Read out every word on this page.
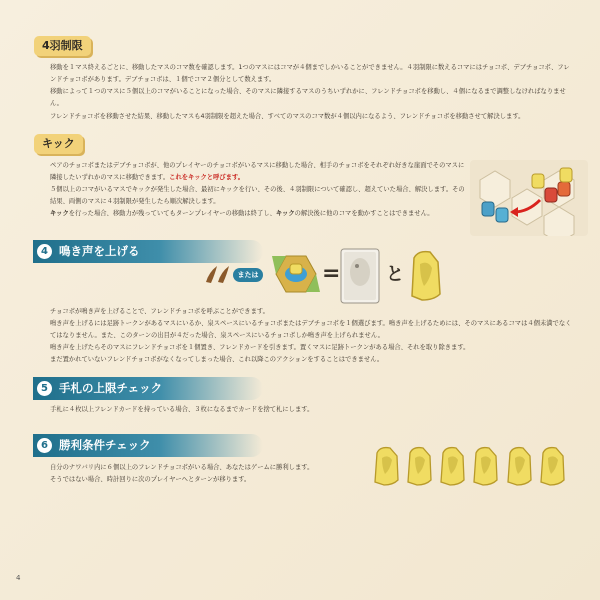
4羽制限
移動を１マス終えるごとに、移動したマスのコマ数を確認します。1つのマスにはコマが４個までしかいることができません。４羽制限に数えるコマにはチョコボ、デブチョコボ、フレンドチョコボがあります。デブチョコボは、１個でコマ２個分として数えます。
移動によって１つのマスに５個以上のコマがいることになった場合、そのマスに隣接するマスのうちいずれかに、フレンドチョコボを移動し、４個になるまで調整しなければなりません。
フレンドチョコボを移動させた結果、移動したマスも4羽制限を超えた場合、すべてのマスのコマ数が４個以内になるよう、フレンドチョコボを移動させて解決します。
キック
ペアのチョコボまたはデブチョコボが、他のプレイヤーのチョコボがいるマスに移動した場合、相手のチョコボをそれぞれ好きな崖面でそのマスに隣接したいずれかのマスに移動できます。これをキックと呼びます。
５個以上のコマがいるマスでキックが発生した場合、最初にキックを行い、その後、４羽制限について確認し、超えていた場合、解決します。その結果、両側のマスに４羽制限が発生したら順次解決します。
キックを行った場合、移動力が残っていてもターンプレイヤーの移動は終了し、キックの解決後に他のコマを動かすことはできません。
4 鳴き声を上げる
または	=	と
チョコボが鳴き声を上げることで、フレンドチョコボを呼ぶことができます。
鳴き声を上げるには足跡トークンがあるマスにいるか、泉スペースにいるチョコボまたはデブチョコボを１個選びます。鳴き声を上げるためには、そのマスにあるコマは４個未満でなくてはなりません。また、このターンの出目が４だった場合、泉スペースにいるチョコボしか鳴き声を上げられません。
鳴き声を上げたらそのマスにフレンドチョコボを１個置き、フレンドカードを引きます。置くマスに足跡トークンがある場合、それを取り除きます。
まだ置かれていないフレンドチョコボがなくなってしまった場合、これ以降このアクションをすることはできません。
5 手札の上限チェック
手札に４枚以上フレンドカードを持っている場合、３枚になるまでカードを捨て札にします。
6 勝利条件チェック
自分のナワバリ内に６個以上のフレンドチョコボがいる場合、あなたはゲームに勝利します。
そうではない場合、時計回りに次のプレイヤーへとターンが移ります。
4
